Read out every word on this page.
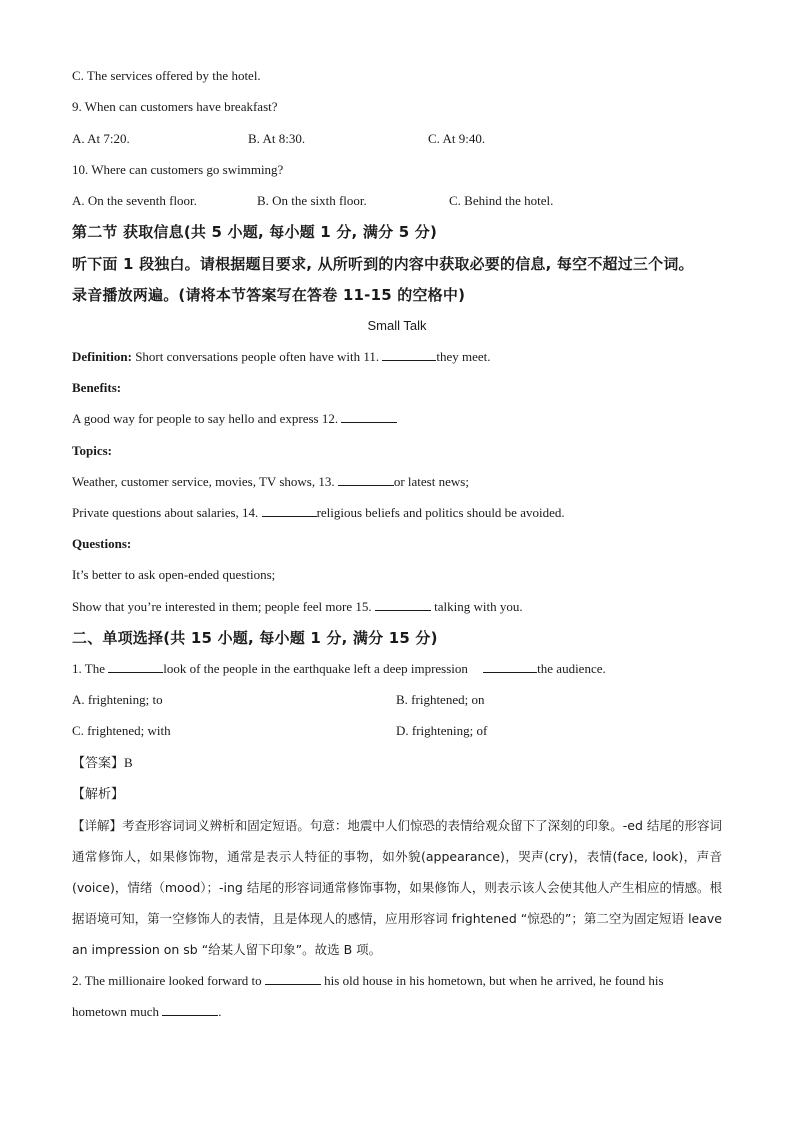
C. The services offered by the hotel.
9. When can customers have breakfast?
A. At 7:20.	B. At 8:30.	C. At 9:40.
10. Where can customers go swimming?
A. On the seventh floor.	B. On the sixth floor.	C. Behind the hotel.
第二节 获取信息(共 5 小题, 每小题 1 分, 满分 5 分)
听下面 1 段独白。请根据题目要求, 从所听到的内容中获取必要的信息, 每空不超过三个词。
录音播放两遍。(请将本节答案写在答卷 11-15 的空格中)
Small Talk
Definition: Short conversations people often have with 11.	they meet.
Benefits:
A good way for people to say hello and express 12.
Topics:
Weather, customer service, movies, TV shows, 13.	or latest news;
Private questions about salaries, 14.	religious beliefs and politics should be avoided.
Questions:
It’s better to ask open-ended questions;
Show that you’re interested in them; people feel more 15.	talking with you.
二、单项选择(共 15 小题, 每小题 1 分, 满分 15 分)
1. The	look of the people in the earthquake left a deep impression	the audience.
A. frightening; to	B. frightened; on
C. frightened; with	D. frightening; of
【答案】B
【解析】
【详解】考查形容词词义辨析和固定短语。句意：地震中人们惊恐的表情给观众留下了深刻的印象。-ed 结尾的形容词通常修饰人，如果修饰物，通常是表示人特征的事物，如外貌(appearance)，哭声(cry)，表情(face, look)，声音(voice)，情绪（mood）；-ing 结尾的形容词通常修饰事物，如果修饰人，则表示该人会使其他人产生相应的情感。根据语境可知，第一空修饰人的表情，且是体现人的感情，应用形容词 frightened “惊恐的”；第二空为固定短语 leave an impression on sb “给某人留下印象”。故选 B 项。
2. The millionaire looked forward to	his old house in his hometown, but when he arrived, he found his
hometown much	.
